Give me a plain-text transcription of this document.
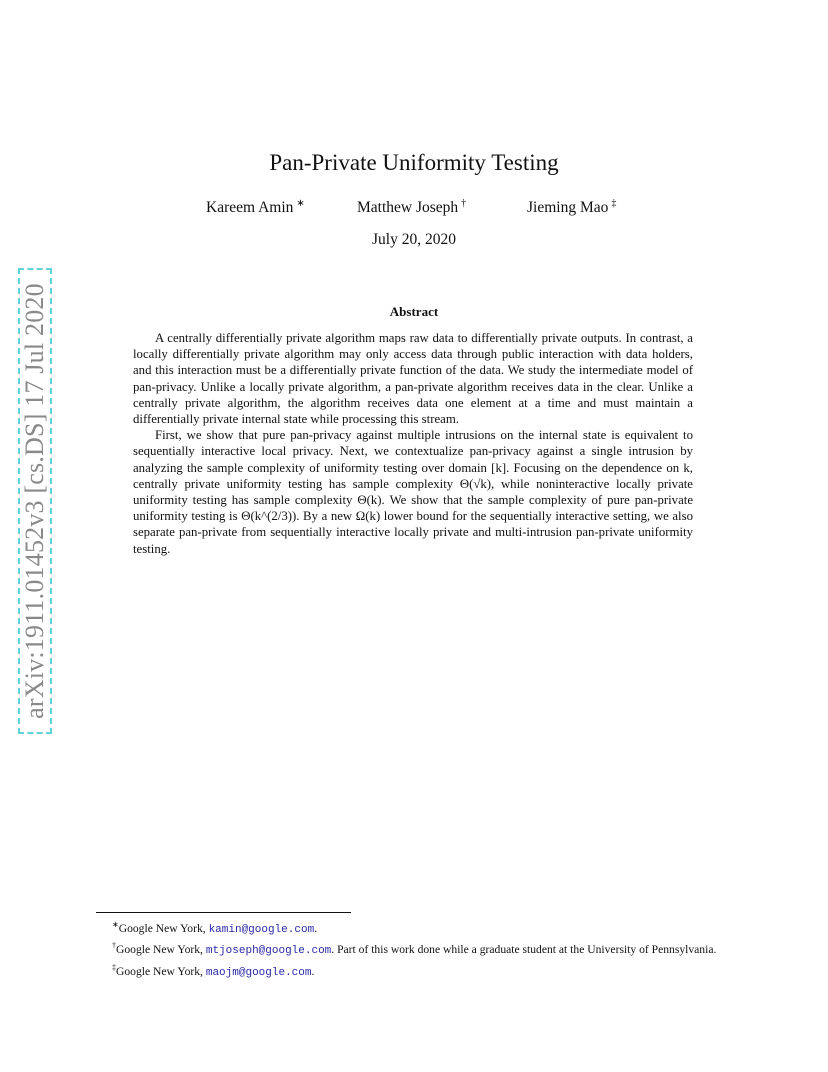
arXiv:1911.01452v3 [cs.DS] 17 Jul 2020
Pan-Private Uniformity Testing
Kareem Amin ∗	Matthew Joseph †	Jieming Mao ‡
July 20, 2020
Abstract

A centrally differentially private algorithm maps raw data to differentially private outputs. In contrast, a locally differentially private algorithm may only access data through public interaction with data holders, and this interaction must be a differentially private function of the data. We study the intermediate model of pan-privacy. Unlike a locally private algorithm, a pan-private algorithm receives data in the clear. Unlike a centrally private algorithm, the algorithm receives data one element at a time and must maintain a differentially private internal state while processing this stream.

First, we show that pure pan-privacy against multiple intrusions on the internal state is equivalent to sequentially interactive local privacy. Next, we contextualize pan-privacy against a single intrusion by analyzing the sample complexity of uniformity testing over domain [k]. Focusing on the dependence on k, centrally private uniformity testing has sample complexity Θ(√k), while noninteractive locally private uniformity testing has sample complexity Θ(k). We show that the sample complexity of pure pan-private uniformity testing is Θ(k^(2/3)). By a new Ω(k) lower bound for the sequentially interactive setting, we also separate pan-private from sequentially interactive locally private and multi-intrusion pan-private uniformity testing.

∗Google New York, kamin@google.com.

†Google New York, mtjoseph@google.com. Part of this work done while a graduate student at the University of Pennsylvania.

‡Google New York, maojm@google.com.
